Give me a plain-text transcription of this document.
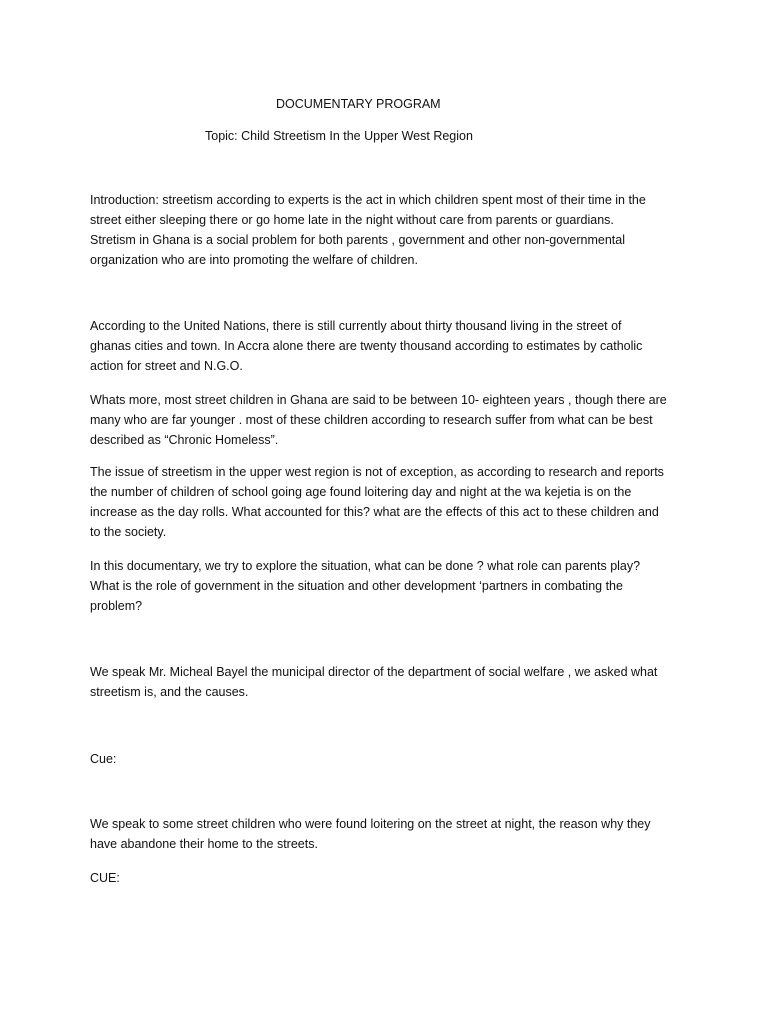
DOCUMENTARY PROGRAM
Topic: Child Streetism In the Upper West Region
Introduction: streetism according to experts is the act in which children spent most of their time in the
street either sleeping there or go home late in the night without care from parents or guardians.
Stretism in Ghana is a social problem for both parents , government and other non-governmental
organization who are into promoting the welfare of children.
According to the United Nations, there is still currently about thirty thousand living in the street of
ghanas cities and town. In Accra alone there are twenty thousand according to estimates by catholic
action for street and N.G.O.
Whats more, most street children in Ghana are said to be between 10- eighteen years , though there are
many who are far younger . most of these children according to research suffer from what can be best
described as “Chronic Homeless”.
The issue of streetism in the upper west region is not of exception, as according to research and reports
the number of children of school going age found loitering day and night at the wa kejetia is on the
increase as the day rolls. What accounted for this? what are the effects of this act to these children and
to the society.
In this documentary, we try to explore the situation, what can be done ? what role can parents play?
What is the role of government in the situation and other development ‘partners in combating the
problem?
We speak Mr. Micheal Bayel the municipal director of the department of social welfare , we asked what
streetism is, and the causes.
Cue:
We speak to some street children who were found loitering on the street at night, the reason why they
have abandone their home to the streets.
CUE:
